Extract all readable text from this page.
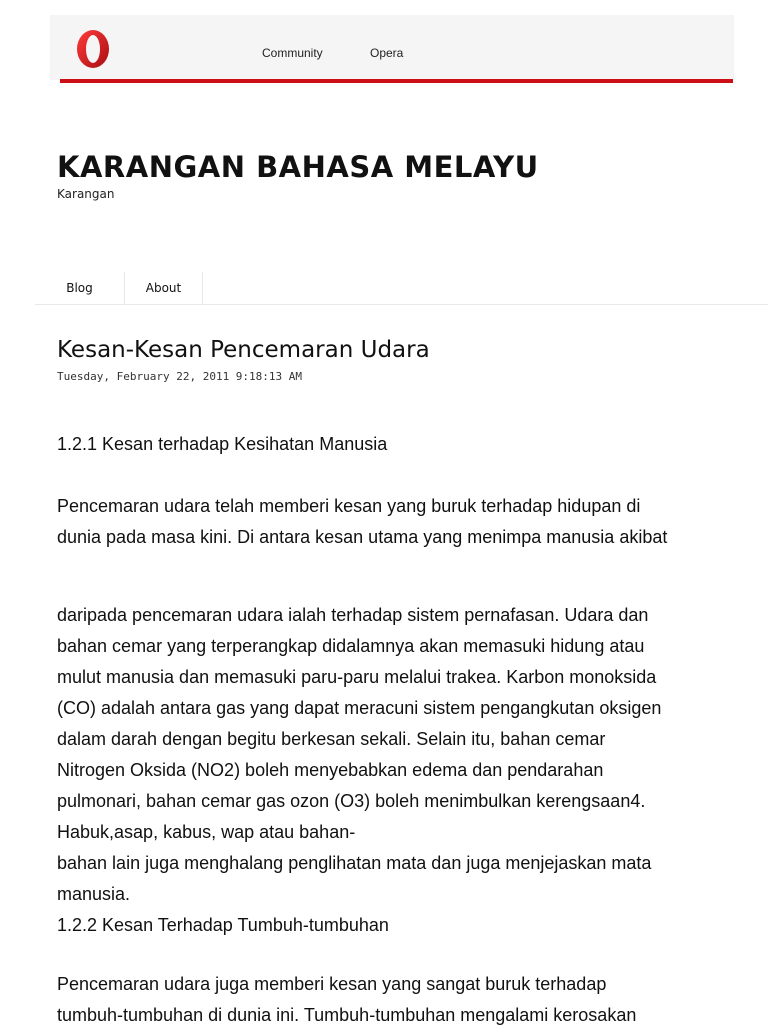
Community	Opera
KARANGAN BAHASA MELAYU
Karangan
Blog	About
Kesan-Kesan Pencemaran Udara
Tuesday, February 22, 2011 9:18:13 AM

1.2.1 Kesan terhadap Kesihatan Manusia

Pencemaran udara telah memberi kesan yang buruk terhadap hidupan di

dunia pada masa kini. Di antara kesan utama yang menimpa manusia akibat

daripada pencemaran udara ialah terhadap sistem pernafasan. Udara dan

bahan cemar yang terperangkap didalamnya akan memasuki hidung atau

mulut manusia dan memasuki paru-paru melalui trakea. Karbon monoksida

(CO) adalah antara gas yang dapat meracuni sistem pengangkutan oksigen

dalam darah dengan begitu berkesan sekali. Selain itu, bahan cemar

Nitrogen Oksida (NO2) boleh menyebabkan edema dan pendarahan

pulmonari, bahan cemar gas ozon (O3) boleh menimbulkan kerengsaan4.

Habuk,asap, kabus, wap atau bahan-

bahan lain juga menghalang penglihatan mata dan juga menjejaskan mata

manusia.

1.2.2 Kesan Terhadap Tumbuh-tumbuhan

Pencemaran udara juga memberi kesan yang sangat buruk terhadap

tumbuh-tumbuhan di dunia ini. Tumbuh-tumbuhan mengalami kerosakan
